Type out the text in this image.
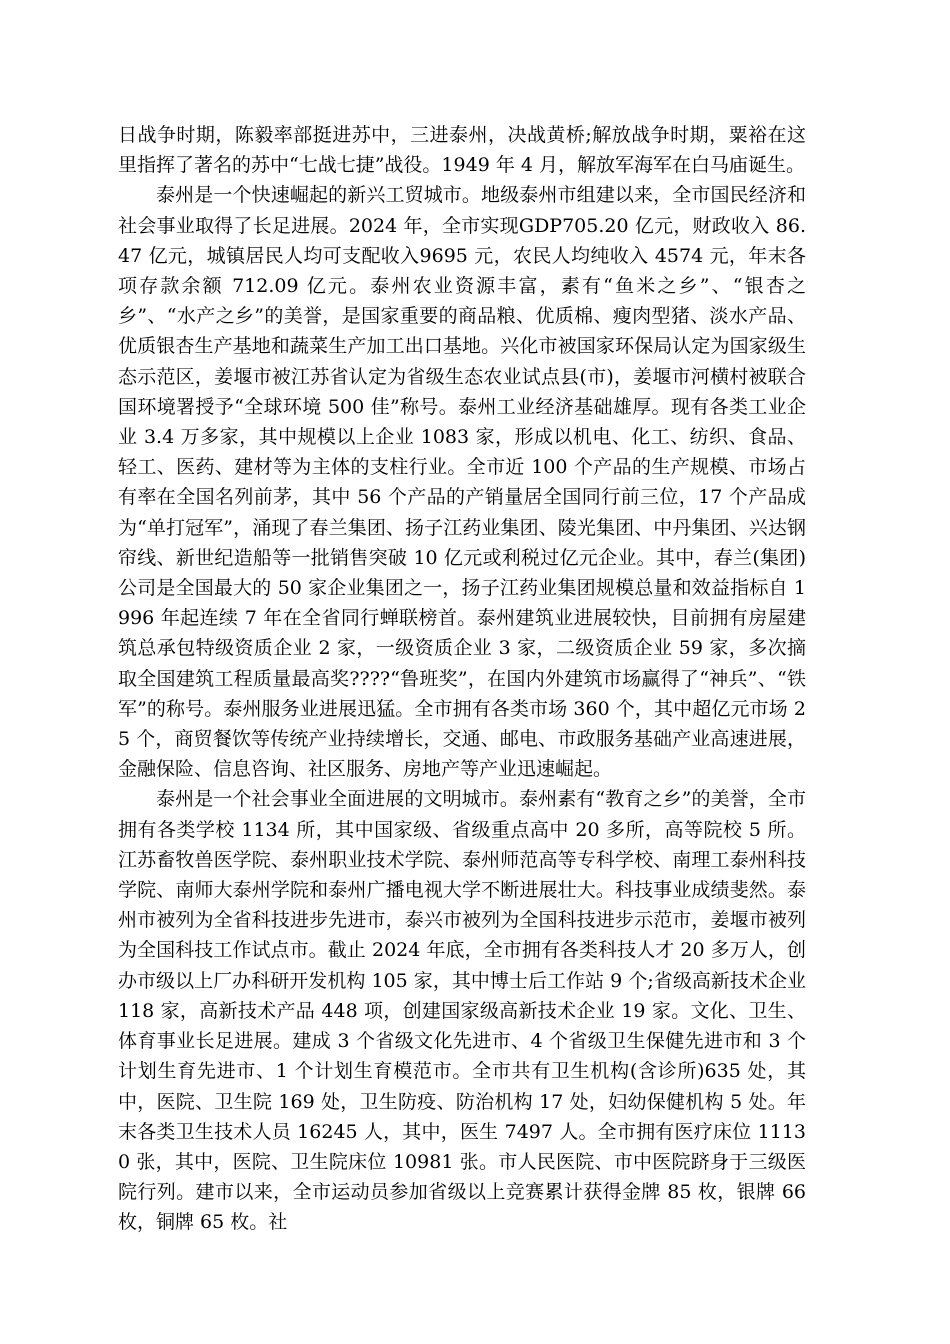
日战争时期，陈毅率部挺进苏中，三进泰州，决战黄桥;解放战争时期，粟裕在这里指挥了著名的苏中“七战七捷”战役。1949 年 4 月，解放军海军在白马庙诞生。

泰州是一个快速崛起的新兴工贸城市。地级泰州市组建以来，全市国民经济和社会事业取得了长足进展。2024 年，全市实现GDP705.20 亿元，财政收入 86.47 亿元，城镇居民人均可支配收入9695 元，农民人均纯收入 4574 元，年末各项存款余额 712.09 亿元。泰州农业资源丰富，素有“鱼米之乡”、“银杏之乡”、“水产之乡”的美誉，是国家重要的商品粮、优质棉、瘦肉型猪、淡水产品、优质银杏生产基地和蔬菜生产加工出口基地。兴化市被国家环保局认定为国家级生态示范区，姜堰市被江苏省认定为省级生态农业试点县(市)，姜堰市河横村被联合国环境署授予“全球环境 500 佳”称号。泰州工业经济基础雄厚。现有各类工业企业 3.4 万多家，其中规模以上企业 1083 家，形成以机电、化工、纺织、食品、轻工、医药、建材等为主体的支柱行业。全市近 100 个产品的生产规模、市场占有率在全国名列前茅，其中 56 个产品的产销量居全国同行前三位，17 个产品成为“单打冠军”，涌现了春兰集团、扬子江药业集团、陵光集团、中丹集团、兴达钢帘线、新世纪造船等一批销售突破 10 亿元或利税过亿元企业。其中，春兰(集团)公司是全国最大的 50 家企业集团之一，扬子江药业集团规模总量和效益指标自 1996 年起连续 7 年在全省同行蝉联榜首。泰州建筑业进展较快，目前拥有房屋建筑总承包特级资质企业 2 家，一级资质企业 3 家，二级资质企业 59 家，多次摘取全国建筑工程质量最高奖????“鲁班奖”，在国内外建筑市场赢得了“神兵”、“铁军”的称号。泰州服务业进展迅猛。全市拥有各类市场 360 个，其中超亿元市场 25 个，商贸餐饮等传统产业持续增长，交通、邮电、市政服务基础产业高速进展，金融保险、信息咨询、社区服务、房地产等产业迅速崛起。

泰州是一个社会事业全面进展的文明城市。泰州素有“教育之乡”的美誉，全市拥有各类学校 1134 所，其中国家级、省级重点高中 20 多所，高等院校 5 所。江苏畜牧兽医学院、泰州职业技术学院、泰州师范高等专科学校、南理工泰州科技学院、南师大泰州学院和泰州广播电视大学不断进展壮大。科技事业成绩斐然。泰州市被列为全省科技进步先进市，泰兴市被列为全国科技进步示范市，姜堰市被列为全国科技工作试点市。截止 2024 年底，全市拥有各类科技人才 20 多万人，创办市级以上厂办科研开发机构 105 家，其中博士后工作站 9 个;省级高新技术企业 118 家，高新技术产品 448 项，创建国家级高新技术企业 19 家。文化、卫生、体育事业长足进展。建成 3 个省级文化先进市、4 个省级卫生保健先进市和 3 个计划生育先进市、1 个计划生育模范市。全市共有卫生机构(含诊所)635 处，其中，医院、卫生院 169 处，卫生防疫、防治机构 17 处，妇幼保健机构 5 处。年末各类卫生技术人员 16245 人，其中，医生 7497 人。全市拥有医疗床位 11130 张，其中，医院、卫生院床位 10981 张。市人民医院、市中医院跻身于三级医院行列。建市以来，全市运动员参加省级以上竞赛累计获得金牌 85 枚，银牌 66 枚，铜牌 65 枚。社
